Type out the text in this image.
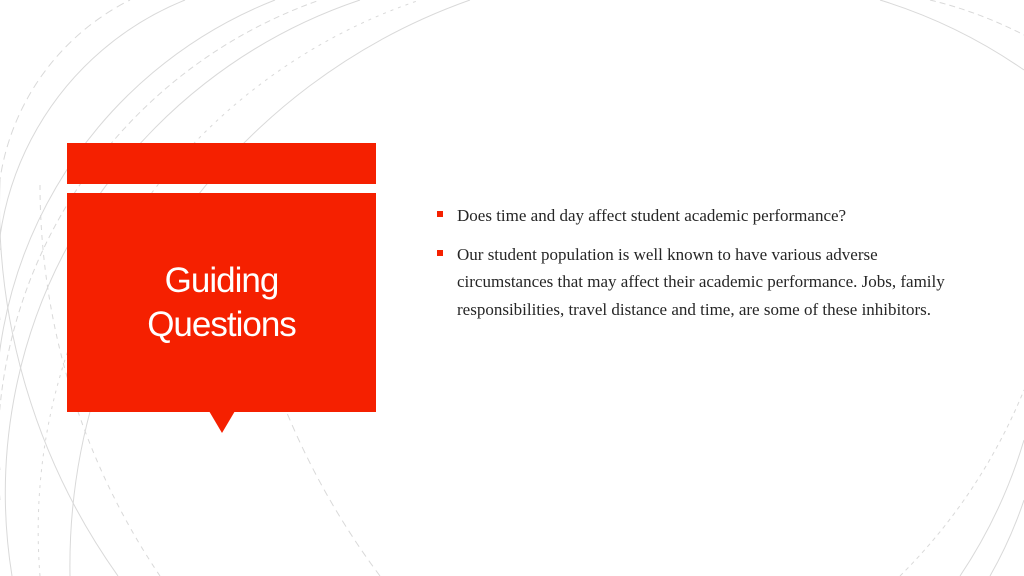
Guiding
Questions
Does time and day affect student academic performance?
Our student population is well known to have various adverse circumstances that may affect their academic performance. Jobs, family responsibilities, travel distance and time, are some of these inhibitors.
